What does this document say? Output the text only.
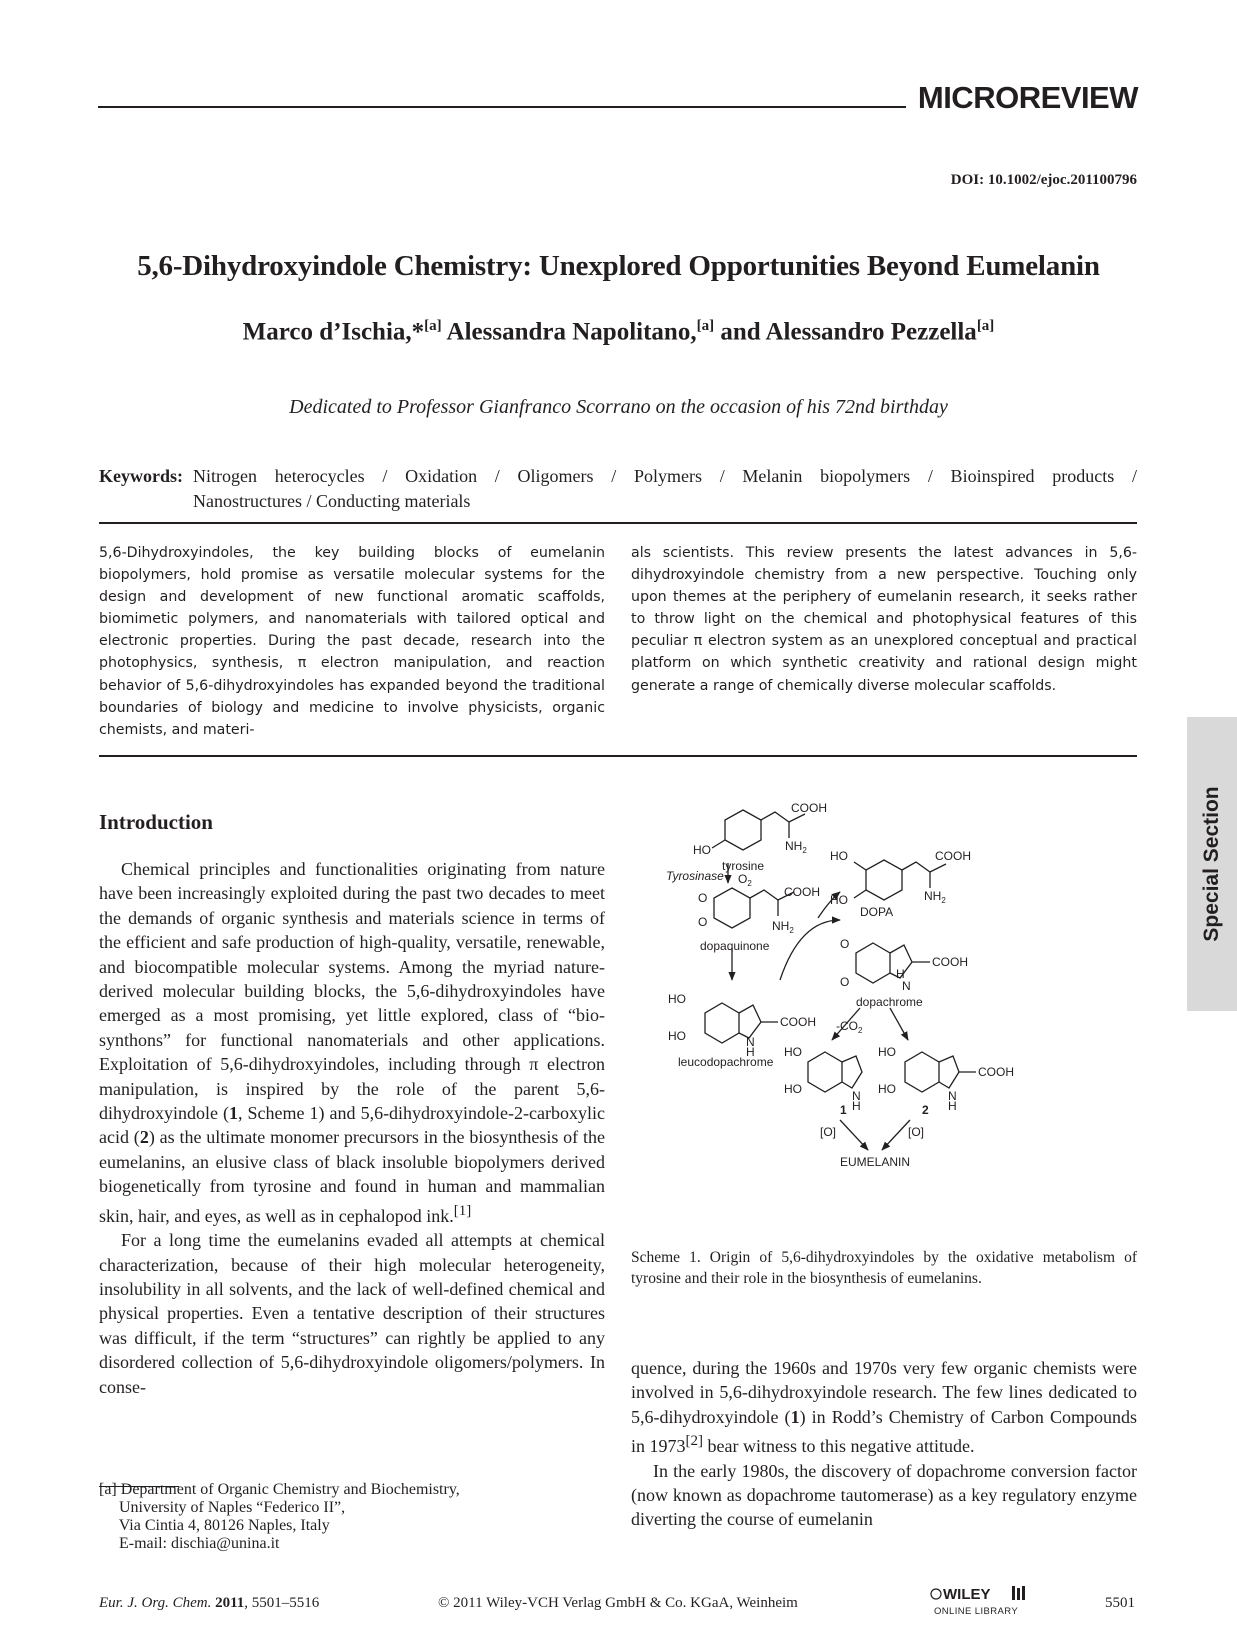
MICROREVIEW
DOI: 10.1002/ejoc.201100796
5,6-Dihydroxyindole Chemistry: Unexplored Opportunities Beyond Eumelanin
Marco d’Ischia,*[a] Alessandra Napolitano,[a] and Alessandro Pezzella[a]
Dedicated to Professor Gianfranco Scorrano on the occasion of his 72nd birthday
Keywords: Nitrogen heterocycles / Oxidation / Oligomers / Polymers / Melanin biopolymers / Bioinspired products /
Nanostructures / Conducting materials
5,6-Dihydroxyindoles, the key building blocks of eumelanin biopolymers, hold promise as versatile molecular systems for the design and development of new functional aromatic scaffolds, biomimetic polymers, and nanomaterials with tailored optical and electronic properties. During the past decade, research into the photophysics, synthesis, π electron manipulation, and reaction behavior of 5,6-dihydroxyindoles has expanded beyond the traditional boundaries of biology and medicine to involve physicists, organic chemists, and materi-
als scientists. This review presents the latest advances in 5,6-dihydroxyindole chemistry from a new perspective. Touching only upon themes at the periphery of eumelanin research, it seeks rather to throw light on the chemical and photophysical features of this peculiar π electron system as an unexplored conceptual and practical platform on which synthetic creativity and rational design might generate a range of chemically diverse molecular scaffolds.
Introduction

Chemical principles and functionalities originating from nature have been increasingly exploited during the past two decades to meet the demands of organic synthesis and materials science in terms of the efficient and safe production of high-quality, versatile, renewable, and biocompatible molecular systems. Among the myriad nature-derived molecular building blocks, the 5,6-dihydroxyindoles have emerged as a most promising, yet little explored, class of “bio-synthons” for functional nanomaterials and other applications. Exploitation of 5,6-dihydroxyindoles, including through π electron manipulation, is inspired by the role of the parent 5,6-dihydroxyindole (1, Scheme 1) and 5,6-dihydroxyindole-2-carboxylic acid (2) as the ultimate monomer precursors in the biosynthesis of the eumelanins, an elusive class of black insoluble biopolymers derived biogenetically from tyrosine and found in human and mammalian skin, hair, and eyes, as well as in cephalopod ink.[1]

For a long time the eumelanins evaded all attempts at chemical characterization, because of their high molecular heterogeneity, insolubility in all solvents, and the lack of well-defined chemical and physical properties. Even a tentative description of their structures was difficult, if the term “structures” can rightly be applied to any disordered collection of 5,6-dihydroxyindole oligomers/polymers. In conse-

COOH
$NH_2$
HO
tyrosine
Tyrosinase $O_2$
COOH
$NH_2$
HO
HO
DOPA
O
O
COOH
$NH_2$
dopaquinone	O
O	N
H
COOH
dopachrome
HO
HO	N
H
COOH
leucodopachrome
$-CO_2$
HO
HO	N
H
1
HO
HO	N
H
COOH
2
[O]	[O]
EUMELANIN
Scheme 1. Origin of 5,6-dihydroxyindoles by the oxidative metabolism of tyrosine and their role in the biosynthesis of eumelanins.

quence, during the 1960s and 1970s very few organic chemists were involved in 5,6-dihydroxyindole research. The few lines dedicated to 5,6-dihydroxyindole (1) in Rodd’s Chemistry of Carbon Compounds in 1973[2] bear witness to this negative attitude.

In the early 1980s, the discovery of dopachrome conversion factor (now known as dopachrome tautomerase) as a key regulatory enzyme diverting the course of eumelanin

[a] Department of Organic Chemistry and Biochemistry,
University of Naples “Federico II”,
Via Cintia 4, 80126 Naples, Italy
E-mail: dischia@unina.it
Eur. J. Org. Chem. 2011, 5501–5516	© 2011 Wiley-VCH Verlag GmbH & Co. KGaA, Weinheim	WILEY
ONLINE LIBRARY
5501
Special Section
